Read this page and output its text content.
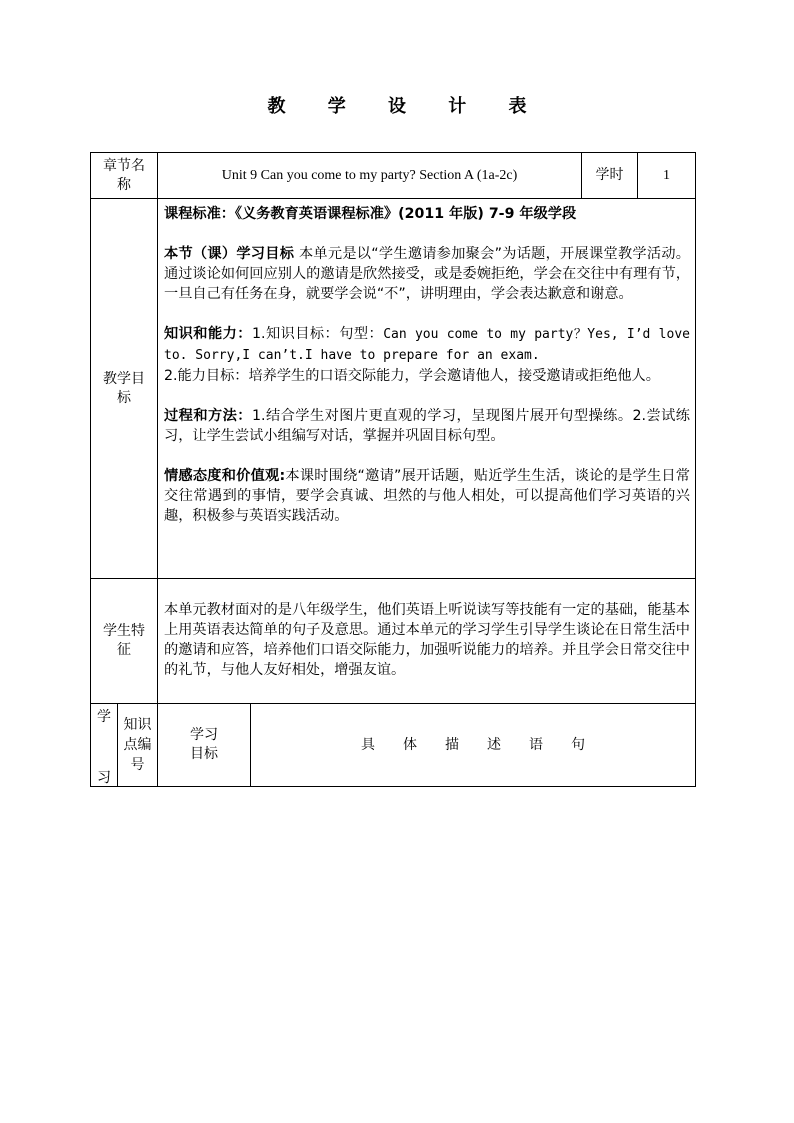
教 学 设 计 表
章节名称
Unit 9 Can you come to my party? Section A (1a-2c)	学时	1
教学目标

课程标准：《义务教育英语课程标准》(2011 年版) 7-9 年级学段

本节（课）学习目标 本单元是以“学生邀请参加聚会”为话题，开展课堂教学活动。通过谈论如何回应别人的邀请是欣然接受，或是委婉拒绝，学会在交往中有理有节，一旦自己有任务在身，就要学会说“不”，讲明理由，学会表达歉意和谢意。

知识和能力：1.知识目标：句型：Can you come to my party？Yes, I’d love to. Sorry,I can’t.I have to prepare for an exam.

2.能力目标：培养学生的口语交际能力，学会邀请他人，接受邀请或拒绝他人。

过程和方法：1.结合学生对图片更直观的学习，呈现图片展开句型操练。2.尝试练习，让学生尝试小组编写对话，掌握并巩固目标句型。

情感态度和价值观:本课时围绕“邀请”展开话题，贴近学生生活，谈论的是学生日常交往常遇到的事情，要学会真诚、坦然的与他人相处，可以提高他们学习英语的兴趣，积极参与英语实践活动。

学生特征
本单元教材面对的是八年级学生，他们英语上听说读写等技能有一定的基础，能基本上用英语表达简单的句子及意思。通过本单元的学习学生引导学生谈论在日常生活中的邀请和应答，培养他们口语交际能力，加强听说能力的培养。并且学会日常交往中的礼节，与他人友好相处，增强友谊。
学
习
知识点编号
学习目标
具　　体　　描　　述　　语　　句
